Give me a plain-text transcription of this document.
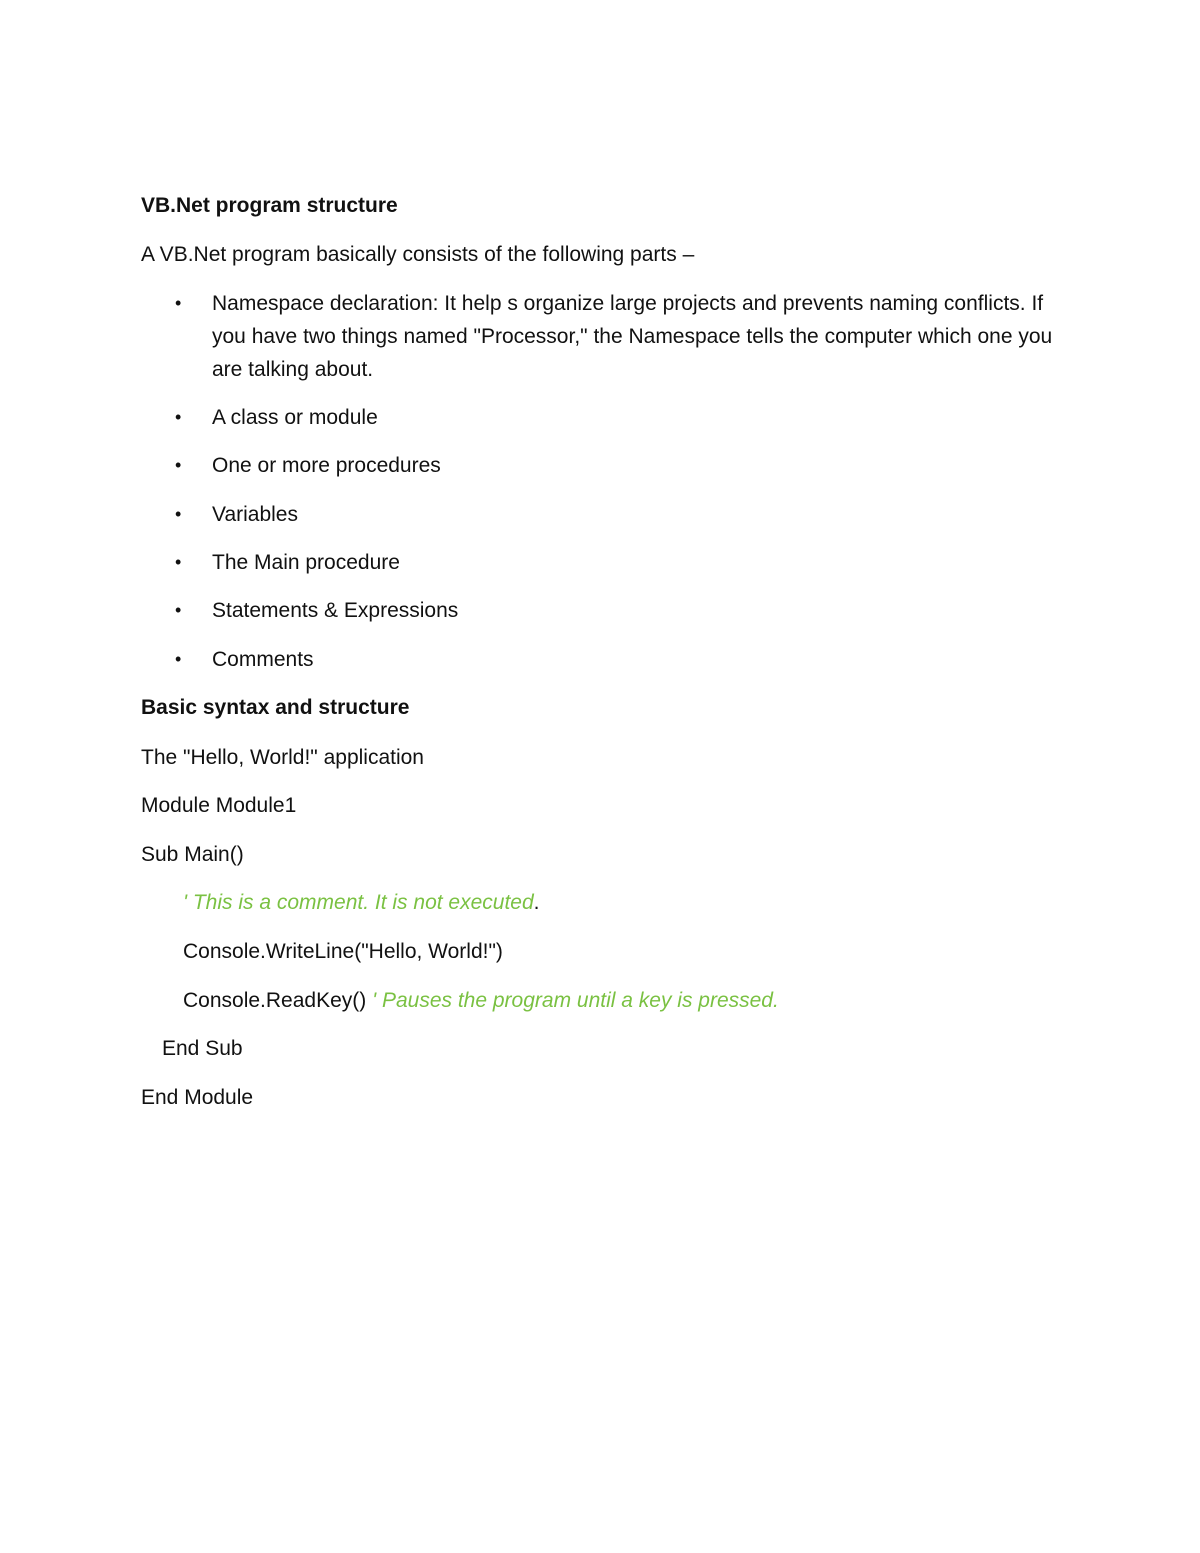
VB.Net program structure
A VB.Net program basically consists of the following parts –
• Namespace declaration: It help s organize large projects and prevents naming conflicts. If you have two things named "Processor," the Namespace tells the computer which one you are talking about.
• A class or module
• One or more procedures
• Variables
• The Main procedure
• Statements & Expressions
• Comments
Basic syntax and structure
The "Hello, World!" application
Module Module1
Sub Main()
' This is a comment. It is not executed.
Console.WriteLine("Hello, World!")
Console.ReadKey() ' Pauses the program until a key is pressed.
End Sub
End Module
